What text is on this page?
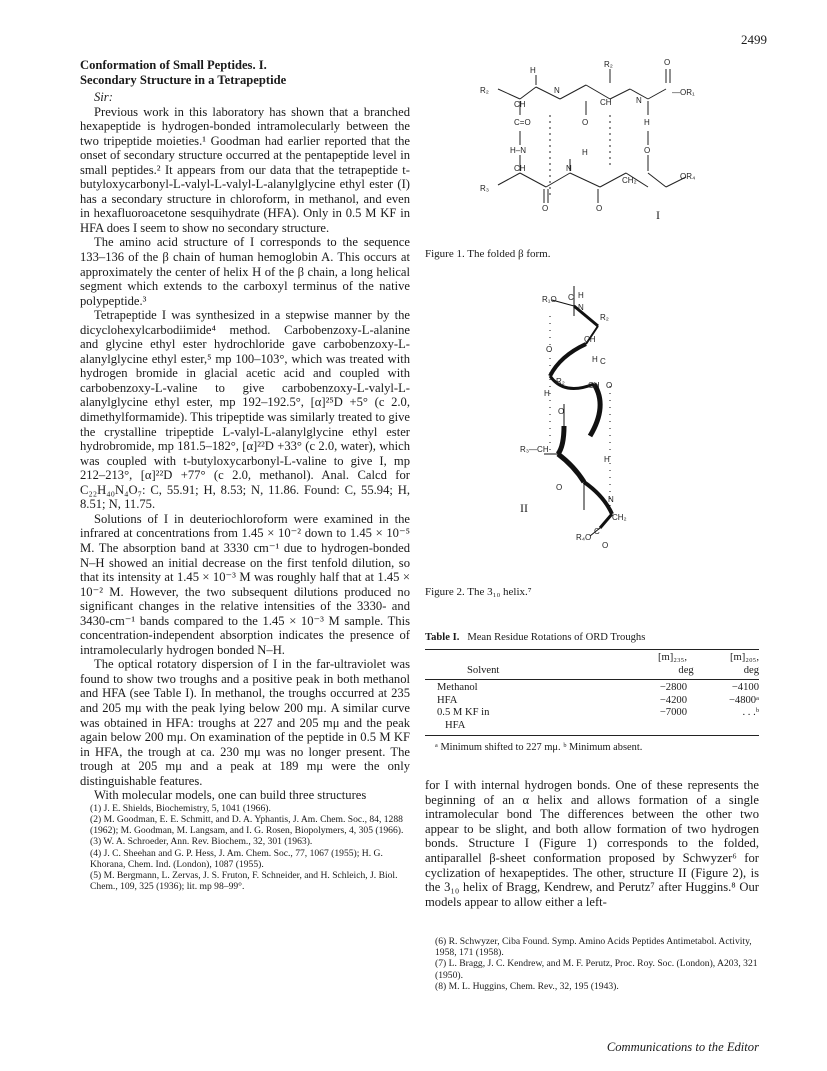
2499

Conformation of Small Peptides. I.

Secondary Structure in a Tetrapeptide

Sir:

Previous work in this laboratory has shown that a branched hexapeptide is hydrogen-bonded intramolecularly between the two tripeptide moieties.¹ Goodman had earlier reported that the onset of secondary structure occurred at the pentapeptide level in small peptides.² It appears from our data that the tetrapeptide t-butyloxycarbonyl-L-valyl-L-valyl-L-alanylglycine ethyl ester (I) has a secondary structure in chloroform, in methanol, and even in hexafluoroacetone sesquihydrate (HFA). Only in 0.5 M KF in HFA does I seem to show no secondary structure.

The amino acid structure of I corresponds to the sequence 133–136 of the β chain of human hemoglobin A. This occurs at approximately the center of helix H of the β chain, a long helical segment which extends to the carboxyl terminus of the native polypeptide.³

Tetrapeptide I was synthesized in a stepwise manner by the dicyclohexylcarbodiimide⁴ method. Carbobenzoxy-L-alanine and glycine ethyl ester hydrochloride gave carbobenzoxy-L-alanylglycine ethyl ester,⁵ mp 100–103°, which was treated with hydrogen bromide in glacial acetic acid and coupled with carbobenzoxy-L-valine to give carbobenzoxy-L-valyl-L-alanylglycine ethyl ester, mp 192–192.5°, [α]²⁵D +5° (c 2.0, dimethylformamide). This tripeptide was similarly treated to give the crystalline tripeptide L-valyl-L-alanylglycine ethyl ester hydrobromide, mp 181.5–182°, [α]²²D +33° (c 2.0, water), which was coupled with t-butyloxycarbonyl-L-valine to give I, mp 212–213°, [α]²²D +77° (c 2.0, methanol). Anal. Calcd for C₂₂H₄₀N₄O₇: C, 55.91; H, 8.53; N, 11.86. Found: C, 55.94; H, 8.51; N, 11.75.

Solutions of I in deuteriochloroform were examined in the infrared at concentrations from 1.45 × 10⁻² down to 1.45 × 10⁻⁵ M. The absorption band at 3330 cm⁻¹ due to hydrogen-bonded N–H showed an initial decrease on the first tenfold dilution, so that its intensity at 1.45 × 10⁻³ M was roughly half that at 1.45 × 10⁻² M. However, the two subsequent dilutions produced no significant changes in the relative intensities of the 3330- and 3430-cm⁻¹ bands compared to the 1.45 × 10⁻³ M sample. This concentration-independent absorption indicates the presence of intramolecularly hydrogen bonded N–H.

The optical rotatory dispersion of I in the far-ultraviolet was found to show two troughs and a positive peak in both methanol and HFA (see Table I). In methanol, the troughs occurred at 235 and 205 mμ with the peak lying below 200 mμ. A similar curve was obtained in HFA: troughs at 227 and 205 mμ and the peak again below 200 mμ. On examination of the peptide in 0.5 M KF in HFA, the trough at ca. 230 mμ was no longer present. The trough at 205 mμ and a peak at 189 mμ were the only distinguishable features.

With molecular models, one can build three structures

(1) J. E. Shields, Biochemistry, 5, 1041 (1966).

(2) M. Goodman, E. E. Schmitt, and D. A. Yphantis, J. Am. Chem. Soc., 84, 1288 (1962); M. Goodman, M. Langsam, and I. G. Rosen, Biopolymers, 4, 305 (1966).

(3) W. A. Schroeder, Ann. Rev. Biochem., 32, 301 (1963).

(4) J. C. Sheehan and G. P. Hess, J. Am. Chem. Soc., 77, 1067 (1955); H. G. Khorana, Chem. Ind. (London), 1087 (1955).

(5) M. Bergmann, L. Zervas, J. S. Fruton, F. Schneider, and H. Schleich, J. Biol. Chem., 109, 325 (1936); lit. mp 98–99°.

H
R₂	O
R₂	N
CH
—OR₁
CH	N
C=O	O	H
H–N	H	O
CH	N
CH₂
R₃
OR₄
O	O	I
Figure 1. The folded β form.
R₁O C H
N
R₂
CH
O
H C
R₂	CH
H
O
O
R₃—CH
H
O
N
CH₂
R₄O
C
O
II
Figure 2. The 3₁₀ helix.⁷
Table I. Mean Residue Rotations of ORD Troughs
[m]₂₃₅,	[m]₂₀₅,
Solvent	deg	deg
Methanol	−2800	−4100
HFA	−4200	−4800ᵃ
0.5 M KF in	−7000	. . .ᵇ
HFA
ᵃ Minimum shifted to 227 mμ. ᵇ Minimum absent.
for I with internal hydrogen bonds. One of these represents the beginning of an α helix and allows formation of a single intramolecular bond The differences between the other two appear to be slight, and both allow formation of two hydrogen bonds. Structure I (Figure 1) corresponds to the folded, antiparallel β-sheet conformation proposed by Schwyzer⁶ for cyclization of hexapeptides. The other, structure II (Figure 2), is the 3₁₀ helix of Bragg, Kendrew, and Perutz⁷ after Huggins.⁸ Our models appear to allow either a left-

(6) R. Schwyzer, Ciba Found. Symp. Amino Acids Peptides Antimetabol. Activity, 1958, 171 (1958).

(7) L. Bragg, J. C. Kendrew, and M. F. Perutz, Proc. Roy. Soc. (London), A203, 321 (1950).

(8) M. L. Huggins, Chem. Rev., 32, 195 (1943).

Communications to the Editor
